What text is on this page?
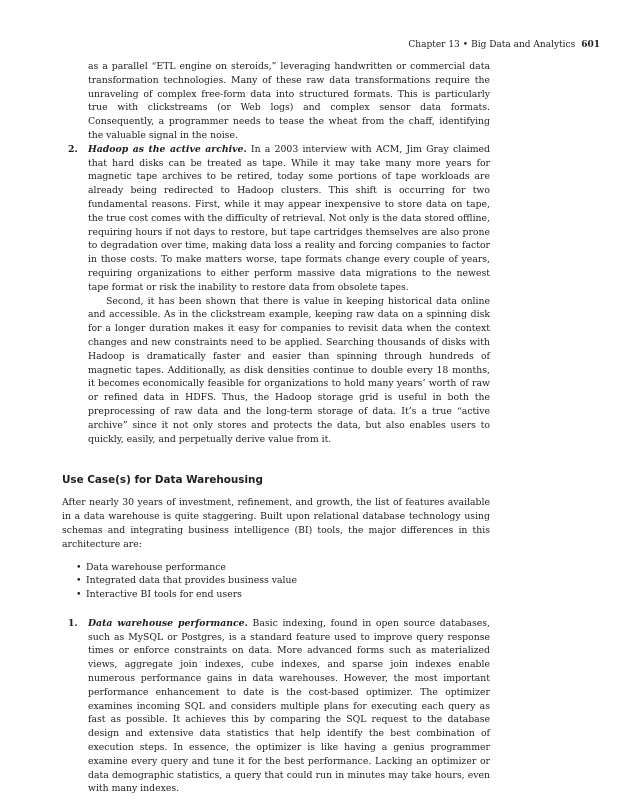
Chapter 13 • Big Data and Analytics 601

as a parallel “ETL engine on steroids,” leveraging handwritten or commercial data transformation technologies. Many of these raw data transformations require the unraveling of complex free-form data into structured formats. This is particularly true with clickstreams (or Web logs) and complex sensor data formats. Consequently, a programmer needs to tease the wheat from the chaff, identifying the valuable signal in the noise.

2. Hadoop as the active archive. In a 2003 interview with ACM, Jim Gray claimed that hard disks can be treated as tape. While it may take many more years for magnetic tape archives to be retired, today some portions of tape workloads are already being redirected to Hadoop clusters. This shift is occurring for two fundamental reasons. First, while it may appear inexpensive to store data on tape, the true cost comes with the difficulty of retrieval. Not only is the data stored offline, requiring hours if not days to restore, but tape cartridges themselves are also prone to degradation over time, making data loss a reality and forcing companies to factor in those costs. To make matters worse, tape formats change every couple of years, requiring organizations to either perform massive data migrations to the newest tape format or risk the inability to restore data from obsolete tapes.

Second, it has been shown that there is value in keeping historical data online and accessible. As in the clickstream example, keeping raw data on a spinning disk for a longer duration makes it easy for companies to revisit data when the context changes and new constraints need to be applied. Searching thousands of disks with Hadoop is dramatically faster and easier than spinning through hundreds of magnetic tapes. Additionally, as disk densities continue to double every 18 months, it becomes economically feasible for organizations to hold many years’ worth of raw or refined data in HDFS. Thus, the Hadoop storage grid is useful in both the preprocessing of raw data and the long-term storage of data. It’s a true “active archive” since it not only stores and protects the data, but also enables users to quickly, easily, and perpetually derive value from it.

Use Case(s) for Data Warehousing

After nearly 30 years of investment, refinement, and growth, the list of features available in a data warehouse is quite staggering. Built upon relational database technology using schemas and integrating business intelligence (BI) tools, the major differences in this architecture are:

• Data warehouse performance
• Integrated data that provides business value
• Interactive BI tools for end users
1. Data warehouse performance. Basic indexing, found in open source databases, such as MySQL or Postgres, is a standard feature used to improve query response times or enforce constraints on data. More advanced forms such as materialized views, aggregate join indexes, cube indexes, and sparse join indexes enable numerous performance gains in data warehouses. However, the most important performance enhancement to date is the cost-based optimizer. The optimizer examines incoming SQL and considers multiple plans for executing each query as fast as possible. It achieves this by comparing the SQL request to the database design and extensive data statistics that help identify the best combination of execution steps. In essence, the optimizer is like having a genius programmer examine every query and tune it for the best performance. Lacking an optimizer or data demographic statistics, a query that could run in minutes may take hours, even with many indexes.
